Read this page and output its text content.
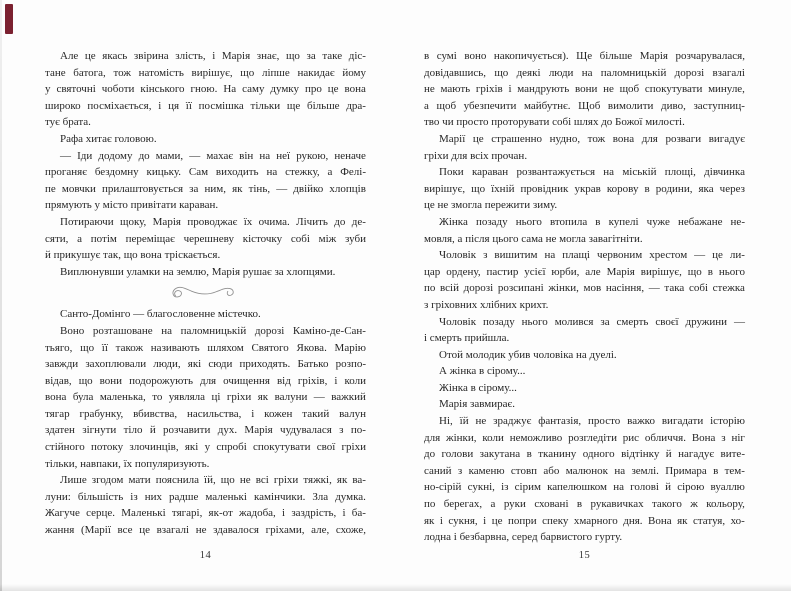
Але це якась звірина злість, і Марія знає, що за таке діс-
тане батога, тож натомість вирішує, що ліпше накидає йому
у святочні чоботи кінського гною. На саму думку про це вона
широко посміхається, і ця її посмішка тільки ще більше дра-
тує брата.
Рафа хитає головою.
— Іди додому до мами, — махає він на неї рукою, неначе
проганяє бездомну кицьку. Сам виходить на стежку, а Фелі-
пе мовчки прилаштовується за ним, як тінь, — двійко хлопців
прямують у місто привітати караван.
Потираючи щоку, Марія проводжає їх очима. Лічить до де-
сяти, а потім переміщає черешневу кісточку собі між зуби
й прикушує так, що вона тріскається.
Виплюнувши уламки на землю, Марія рушає за хлопцями.
Санто-Домінго — благословенне містечко.
Воно розташоване на паломницькій дорозі Каміно-де-Сан-
тьяго, що її також називають шляхом Святого Якова. Марію
завжди захоплювали люди, які сюди приходять. Батько розпо-
відав, що вони подорожують для очищення від гріхів, і коли
вона була маленька, то уявляла ці гріхи як валуни — важкий
тягар грабунку, вбивства, насильства, і кожен такий валун
здатен зігнути тіло й розчавити дух. Марія чудувалася з по-
стійного потоку злочинців, які у спробі спокутувати свої гріхи
тільки, навпаки, їх популяризують.
Лише згодом мати пояснила їй, що не всі гріхи тяжкі, як ва-
луни: більшість із них радше маленькі камінчики. Зла думка.
Жагуче серце. Маленькі тягарі, як-от жадоба, і заздрість, і ба-
жання (Марії все це взагалі не здавалося гріхами, але, схоже,
в сумі воно накопичується). Ще більше Марія розчарувалася,
довідавшись, що деякі люди на паломницькій дорозі взагалі
не мають гріхів і мандрують вони не щоб спокутувати минуле,
а щоб убезпечити майбутнє. Щоб вимолити диво, заступниц-
тво чи просто проторувати собі шлях до Божої милості.
Марії це страшенно нудно, тож вона для розваги вигадує
гріхи для всіх прочан.
Поки караван розвантажується на міській площі, дівчинка
вирішує, що їхній провідник украв корову в родини, яка через
це не змогла пережити зиму.
Жінка позаду нього втопила в купелі чуже небажане не-
мовля, а після цього сама не могла завагітніти.
Чоловік з вишитим на плащі червоним хрестом — це ли-
цар ордену, пастир усієї юрби, але Марія вирішує, що в нього
по всій дорозі розсипані жінки, мов насіння, — така собі стежка
з гріховних хлібних крихт.
Чоловік позаду нього молився за смерть своєї дружини —
і смерть прийшла.
Отой молодик убив чоловіка на дуелі.
А жінка в сірому...
Жінка в сірому...
Марія завмирає.
Ні, їй не зраджує фантазія, просто важко вигадати історію
для жінки, коли неможливо розгледіти рис обличчя. Вона з ніг
до голови закутана в тканину одного відтінку й нагадує вите-
саний з каменю стовп або малюнок на землі. Примара в тем-
но-сірій сукні, із сірим капелюшком на голові й сірою вуаллю
по берегах, а руки сховані в рукавичках такого ж кольору,
як і сукня, і це попри спеку хмарного дня. Вона як статуя, хо-
лодна і безбарвна, серед барвистого гурту.
14	15
